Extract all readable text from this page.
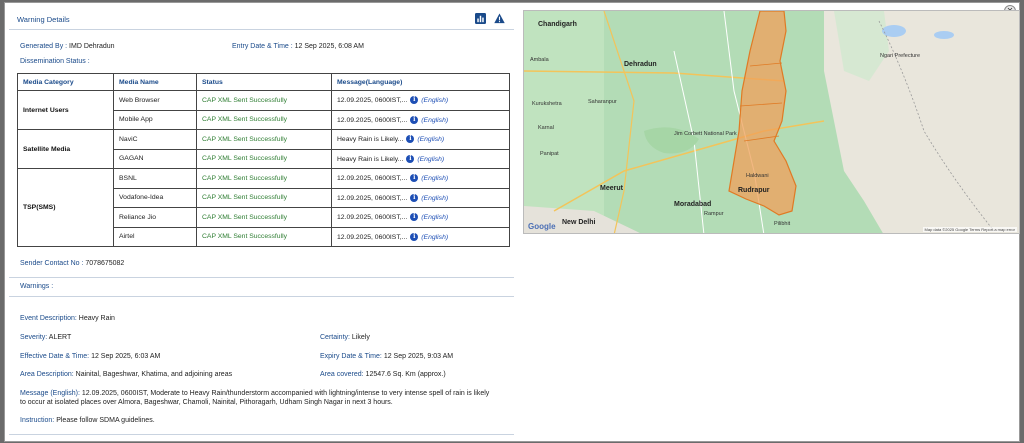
Warning Details
Generated By : IMD Dehradun	Entry Date & Time : 12 Sep 2025, 6:08 AM
Dissemination Status :
Media Category	Media Name	Status	Message(Language)
Internet Users	Web Browser	CAP XML Sent Successfully	12.09.2025, 0600IST,... i (English)
	Mobile App	CAP XML Sent Successfully	12.09.2025, 0600IST,... i (English)
Satellite Media	NaviC	CAP XML Sent Successfully	Heavy Rain is Likely... i (English)
	GAGAN	CAP XML Sent Successfully	Heavy Rain is Likely... i (English)
TSP(SMS)	BSNL	CAP XML Sent Successfully	12.09.2025, 0600IST,... i (English)
	Vodafone-Idea	CAP XML Sent Successfully	12.09.2025, 0600IST,... i (English)
	Reliance Jio	CAP XML Sent Successfully	12.09.2025, 0600IST,... i (English)
	Airtel	CAP XML Sent Successfully	12.09.2025, 0600IST,... i (English)
Sender Contact No : 7078675082
Warnings :
Event Description: Heavy Rain
Severity: ALERT	Certainty: Likely
Effective Date & Time: 12 Sep 2025, 6:03 AM	Expiry Date & Time: 12 Sep 2025, 9:03 AM
Area Description: Nainital, Bageshwar, Khatima, and adjoining areas	Area covered: 12547.6 Sq. Km (approx.)
Message (English): 12.09.2025, 0600IST, Moderate to Heavy Rain/thunderstorm accompanied with lightning/intense to very intense spell of rain is likely
to occur at isolated places over Almora, Bageshwar, Chamoli, Nainital, Pithoragarh, Udham Singh Nagar in next 3 hours.
Instruction: Please follow SDMA guidelines.
Chandigarh
Ambala
Dehradun
Kurukshetra	Saharanpur
Karnal
Panipat
Meerut
Moradabad
New Delhi
Haldwani
Rudrapur
Rampur
Pilibhit
Ngari Prefecture
Jim Corbett National Park
Google	Map data ©2025 Google Terms Report a map error
